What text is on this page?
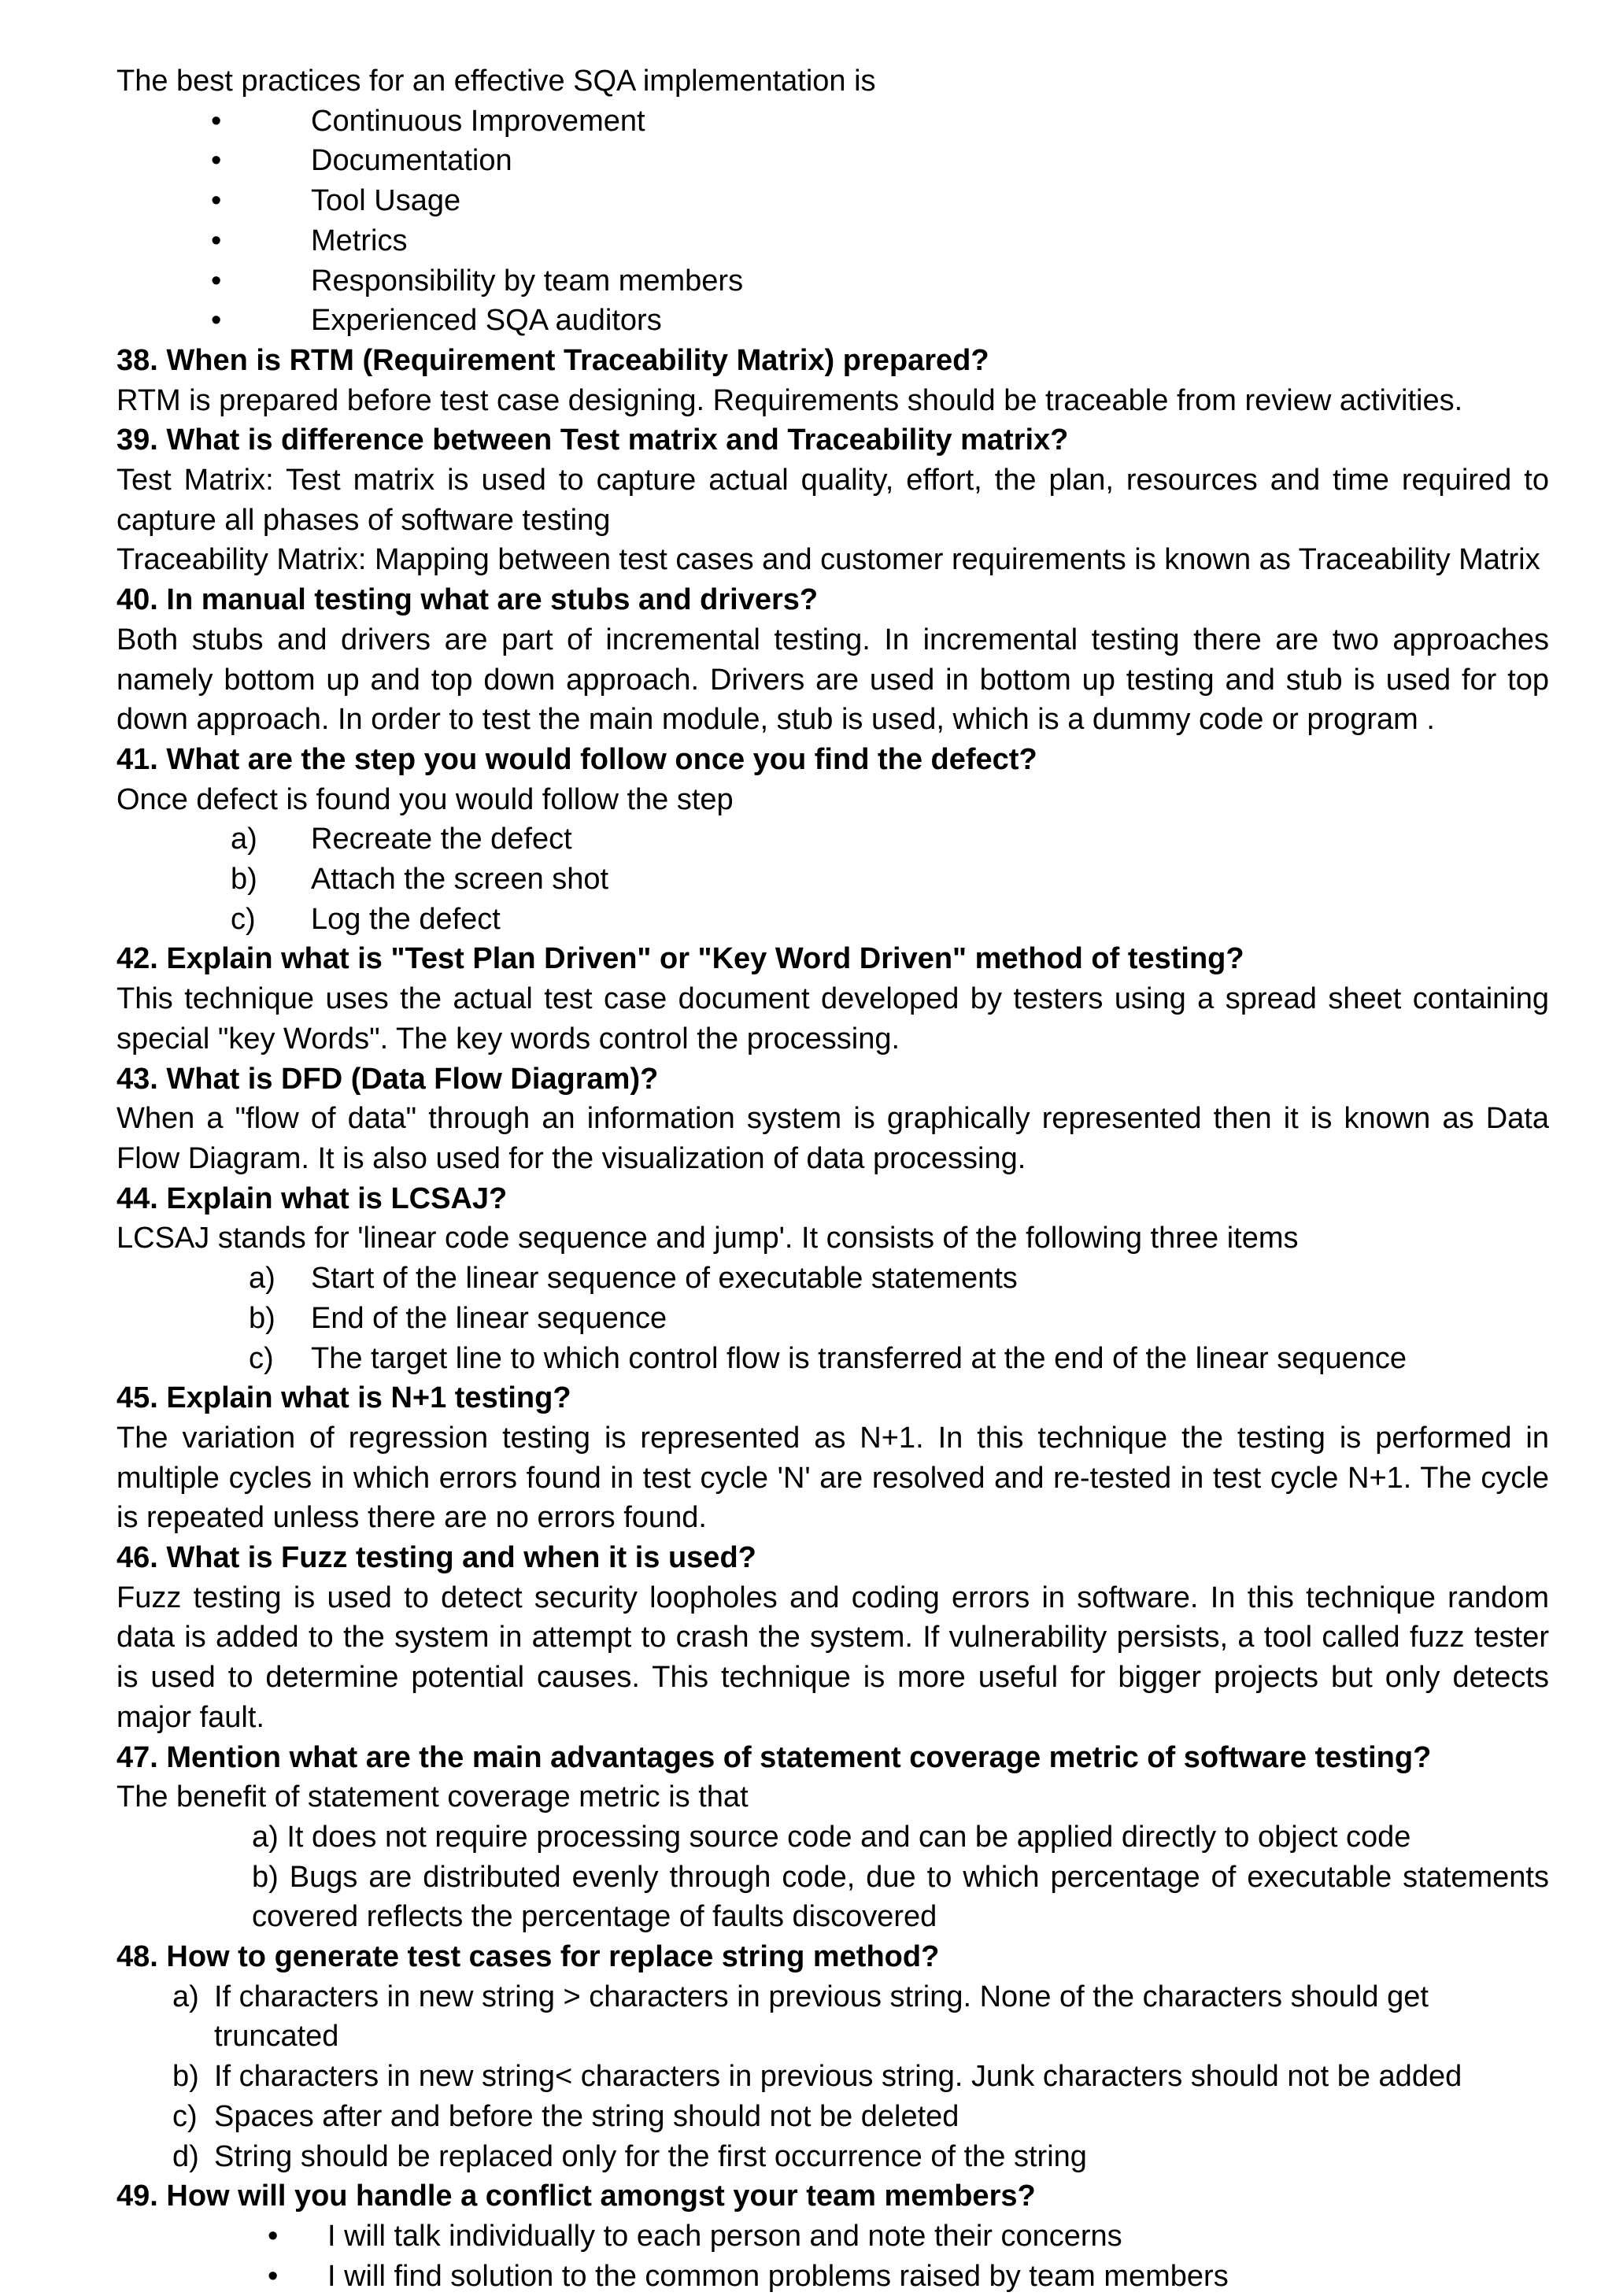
The best practices for an effective SQA implementation is
•	Continuous Improvement
•	Documentation
•	Tool Usage
•	Metrics
•	Responsibility by team members
•	Experienced SQA auditors
38. When is RTM (Requirement Traceability Matrix) prepared?
RTM is prepared before test case designing. Requirements should be traceable from review activities.
39. What is difference between Test matrix and Traceability matrix?
Test Matrix: Test matrix is used to capture actual quality, effort, the plan, resources and time required to capture all phases of software testing
Traceability Matrix: Mapping between test cases and customer requirements is known as Traceability Matrix
40. In manual testing what are stubs and drivers?
Both stubs and drivers are part of incremental testing. In incremental testing there are two approaches namely bottom up and top down approach. Drivers are used in bottom up testing and stub is used for top down approach. In order to test the main module, stub is used, which is a dummy code or program .
41. What are the step you would follow once you find the defect?
Once defect is found you would follow the step
a) Recreate the defect
b) Attach the screen shot
c) Log the defect
42. Explain what is "Test Plan Driven" or "Key Word Driven" method of testing?
This technique uses the actual test case document developed by testers using a spread sheet containing special "key Words". The key words control the processing.
43. What is DFD (Data Flow Diagram)?
When a "flow of data" through an information system is graphically represented then it is known as Data Flow Diagram. It is also used for the visualization of data processing.
44. Explain what is LCSAJ?
LCSAJ stands for 'linear code sequence and jump'. It consists of the following three items
a) Start of the linear sequence of executable statements
b) End of the linear sequence
c) The target line to which control flow is transferred at the end of the linear sequence
45. Explain what is N+1 testing?
The variation of regression testing is represented as N+1. In this technique the testing is performed in multiple cycles in which errors found in test cycle 'N' are resolved and re-tested in test cycle N+1. The cycle is repeated unless there are no errors found.
46. What is Fuzz testing and when it is used?
Fuzz testing is used to detect security loopholes and coding errors in software. In this technique random data is added to the system in attempt to crash the system. If vulnerability persists, a tool called fuzz tester is used to determine potential causes. This technique is more useful for bigger projects but only detects major fault.
47. Mention what are the main advantages of statement coverage metric of software testing?
The benefit of statement coverage metric is that
a) It does not require processing source code and can be applied directly to object code
b) Bugs are distributed evenly through code, due to which percentage of executable statements covered reflects the percentage of faults discovered
48. How to generate test cases for replace string method?
a) If characters in new string > characters in previous string. None of the characters should get truncated
b) If characters in new string< characters in previous string. Junk characters should not be added
c) Spaces after and before the string should not be deleted
d) String should be replaced only for the first occurrence of the string
49. How will you handle a conflict amongst your team members?
• I will talk individually to each person and note their concerns
• I will find solution to the common problems raised by team members
